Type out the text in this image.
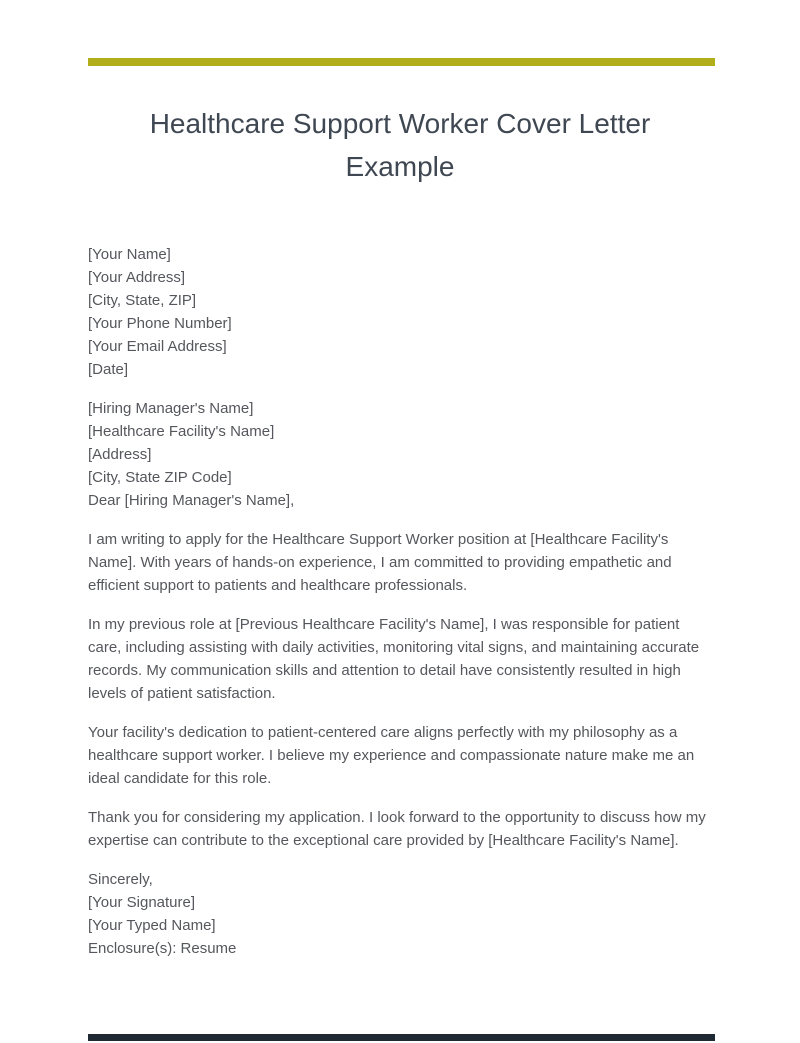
Healthcare Support Worker Cover Letter
Example
[Your Name]
[Your Address]
[City, State, ZIP]
[Your Phone Number]
[Your Email Address]
[Date]
[Hiring Manager's Name]
[Healthcare Facility's Name]
[Address]
[City, State ZIP Code]
Dear [Hiring Manager's Name],

I am writing to apply for the Healthcare Support Worker position at [Healthcare Facility's Name]. With years of hands-on experience, I am committed to providing empathetic and efficient support to patients and healthcare professionals.

In my previous role at [Previous Healthcare Facility's Name], I was responsible for patient care, including assisting with daily activities, monitoring vital signs, and maintaining accurate records. My communication skills and attention to detail have consistently resulted in high levels of patient satisfaction.

Your facility's dedication to patient-centered care aligns perfectly with my philosophy as a healthcare support worker. I believe my experience and compassionate nature make me an ideal candidate for this role.

Thank you for considering my application. I look forward to the opportunity to discuss how my expertise can contribute to the exceptional care provided by [Healthcare Facility's Name].

Sincerely,
[Your Signature]
[Your Typed Name]
Enclosure(s): Resume
